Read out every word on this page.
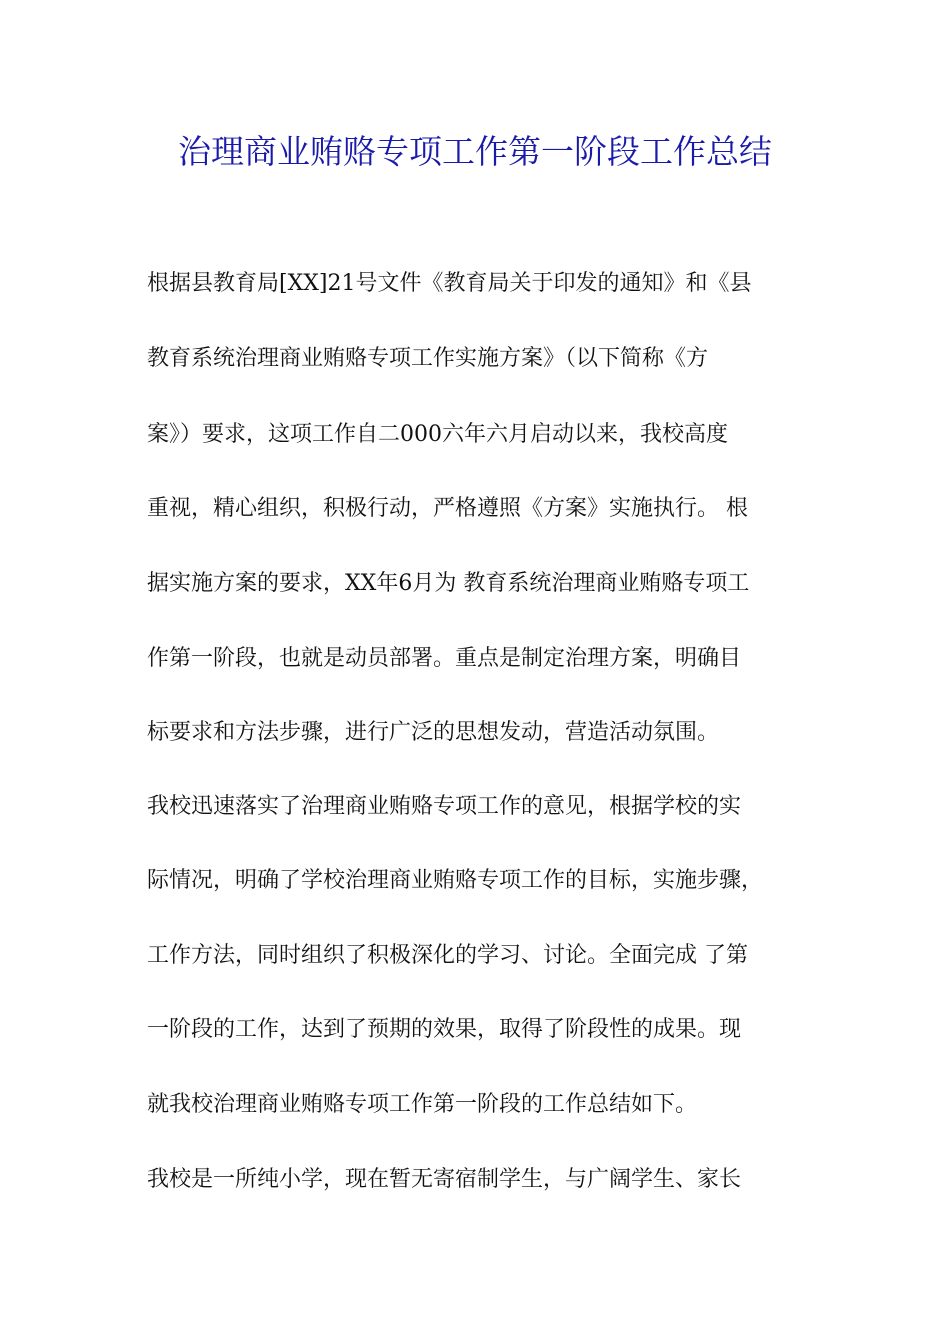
治理商业贿赂专项工作第一阶段工作总结

根据县教育局[XX]21号文件《教育局关于印发的通知》和《县

教育系统治理商业贿赂专项工作实施方案》（以下简称《方

案》）要求，这项工作自二000六年六月启动以来，我校高度

重视，精心组织，积极行动，严格遵照《方案》实施执行。 根

据实施方案的要求，XX年6月为 教育系统治理商业贿赂专项工

作第一阶段，也就是动员部署。重点是制定治理方案，明确目

标要求和方法步骤，进行广泛的思想发动，营造活动氛围。

我校迅速落实了治理商业贿赂专项工作的意见，根据学校的实

际情况，明确了学校治理商业贿赂专项工作的目标，实施步骤，

工作方法，同时组织了积极深化的学习、讨论。全面完成 了第

一阶段的工作，达到了预期的效果，取得了阶段性的成果。现

就我校治理商业贿赂专项工作第一阶段的工作总结如下。

我校是一所纯小学，现在暂无寄宿制学生，与广阔学生、家长
